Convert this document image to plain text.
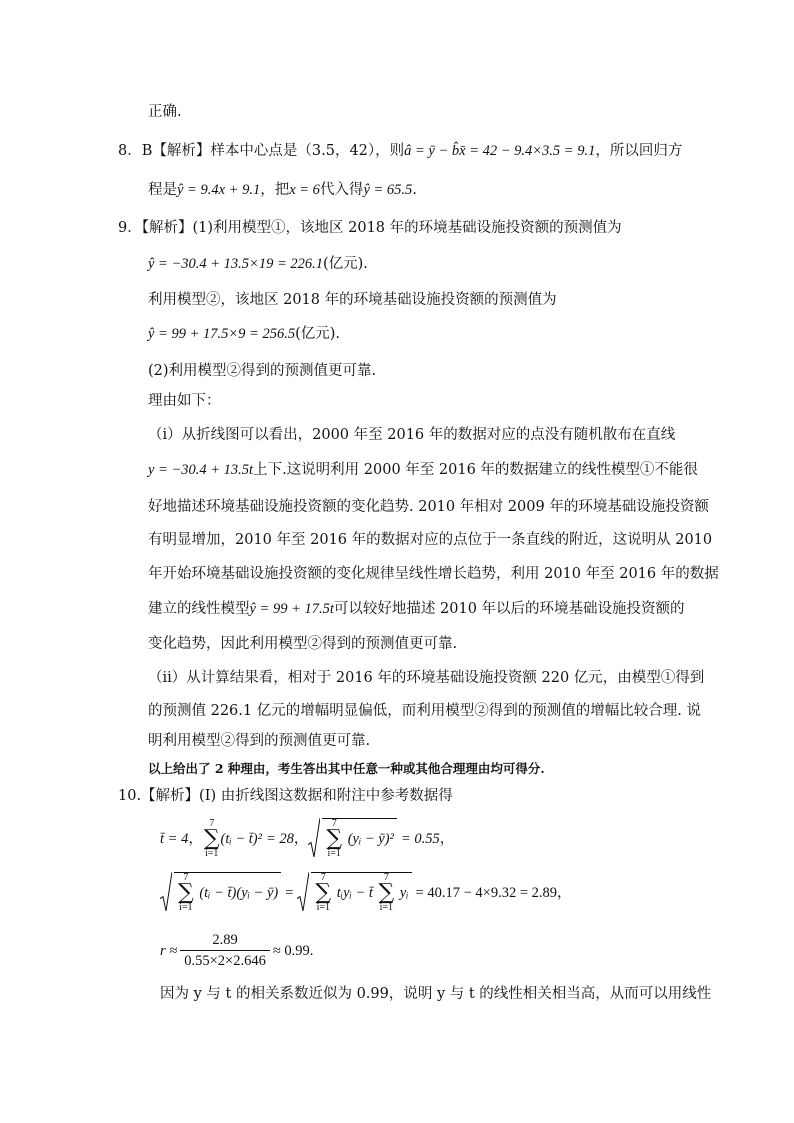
正确.
8．B【解析】样本中心点是（3.5，42），则â = ȳ − b̂x̄ = 42 − 9.4×3.5 = 9.1，所以回归方
程是ŷ = 9.4x + 9.1，把x = 6代入得ŷ = 65.5.
9．【解析】(1)利用模型①，该地区 2018 年的环境基础设施投资额的预测值为
ŷ = −30.4 + 13.5×19 = 226.1(亿元).
利用模型②，该地区 2018 年的环境基础设施投资额的预测值为
ŷ = 99 + 17.5×9 = 256.5(亿元).
(2)利用模型②得到的预测值更可靠.
理由如下：
（ⅰ）从折线图可以看出，2000 年至 2016 年的数据对应的点没有随机散布在直线
y = −30.4 + 13.5t上下.这说明利用 2000 年至 2016 年的数据建立的线性模型①不能很
好地描述环境基础设施投资额的变化趋势. 2010 年相对 2009 年的环境基础设施投资额
有明显增加，2010 年至 2016 年的数据对应的点位于一条直线的附近，这说明从 2010
年开始环境基础设施投资额的变化规律呈线性增长趋势，利用 2010 年至 2016 年的数据
建立的线性模型ŷ = 99 + 17.5t可以较好地描述 2010 年以后的环境基础设施投资额的
变化趋势，因此利用模型②得到的预测值更可靠.
（ⅱ）从计算结果看，相对于 2016 年的环境基础设施投资额 220 亿元，由模型①得到
的预测值 226.1 亿元的增幅明显偏低，而利用模型②得到的预测值的增幅比较合理. 说
明利用模型②得到的预测值更可靠.
以上给出了 2 种理由，考生答出其中任意一种或其他合理理由均可得分.
10.【解析】(Ⅰ) 由折线图这数据和附注中参考数据得
t̄ = 4 ，
7
∑
i=1
(tᵢ − t̄)² = 28 ，
7
∑
i=1 (yᵢ − ȳ)² = 0.55 ，
7
∑
i=1 (tᵢ − t̄)(yᵢ − ȳ) =
7
∑
i=1 tᵢyᵢ − t̄ 7
∑
i=1 yᵢ = 40.17 − 4×9.32 = 2.89 ，
$r \approx \frac{2.89}{0.55\times 2\times 2.646} \approx 0.99$.
因为 y 与 t 的相关系数近似为 0.99，说明 y 与 t 的线性相关相当高，从而可以用线性
